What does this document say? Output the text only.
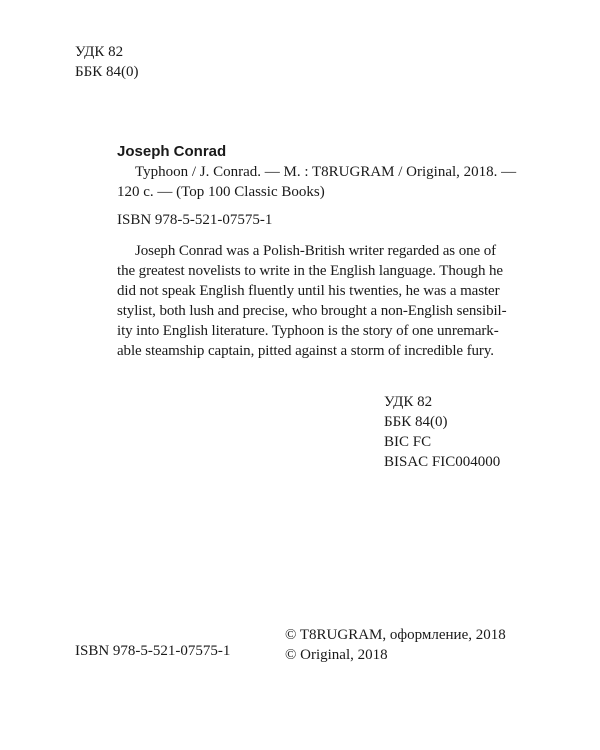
УДК 82
ББК 84(0)
Joseph Conrad
Typhoon / J. Conrad. — M. : T8RUGRAM / Original, 2018. —
120 с. — (Top 100 Classic Books)

ISBN 978-5-521-07575-1

Joseph Conrad was a Polish-British writer regarded as one of
the greatest novelists to write in the English language. Though he
did not speak English fluently until his twenties, he was a master
stylist, both lush and precise, who brought a non-English sensibil-
ity into English literature. Typhoon is the story of one unremark-
able steamship captain, pitted against a storm of incredible fury.
УДК 82
ББК 84(0)
BIC FC
BISAC FIC004000

ISBN 978-5-521-07575-1

© T8RUGRAM, оформление, 2018
© Original, 2018
